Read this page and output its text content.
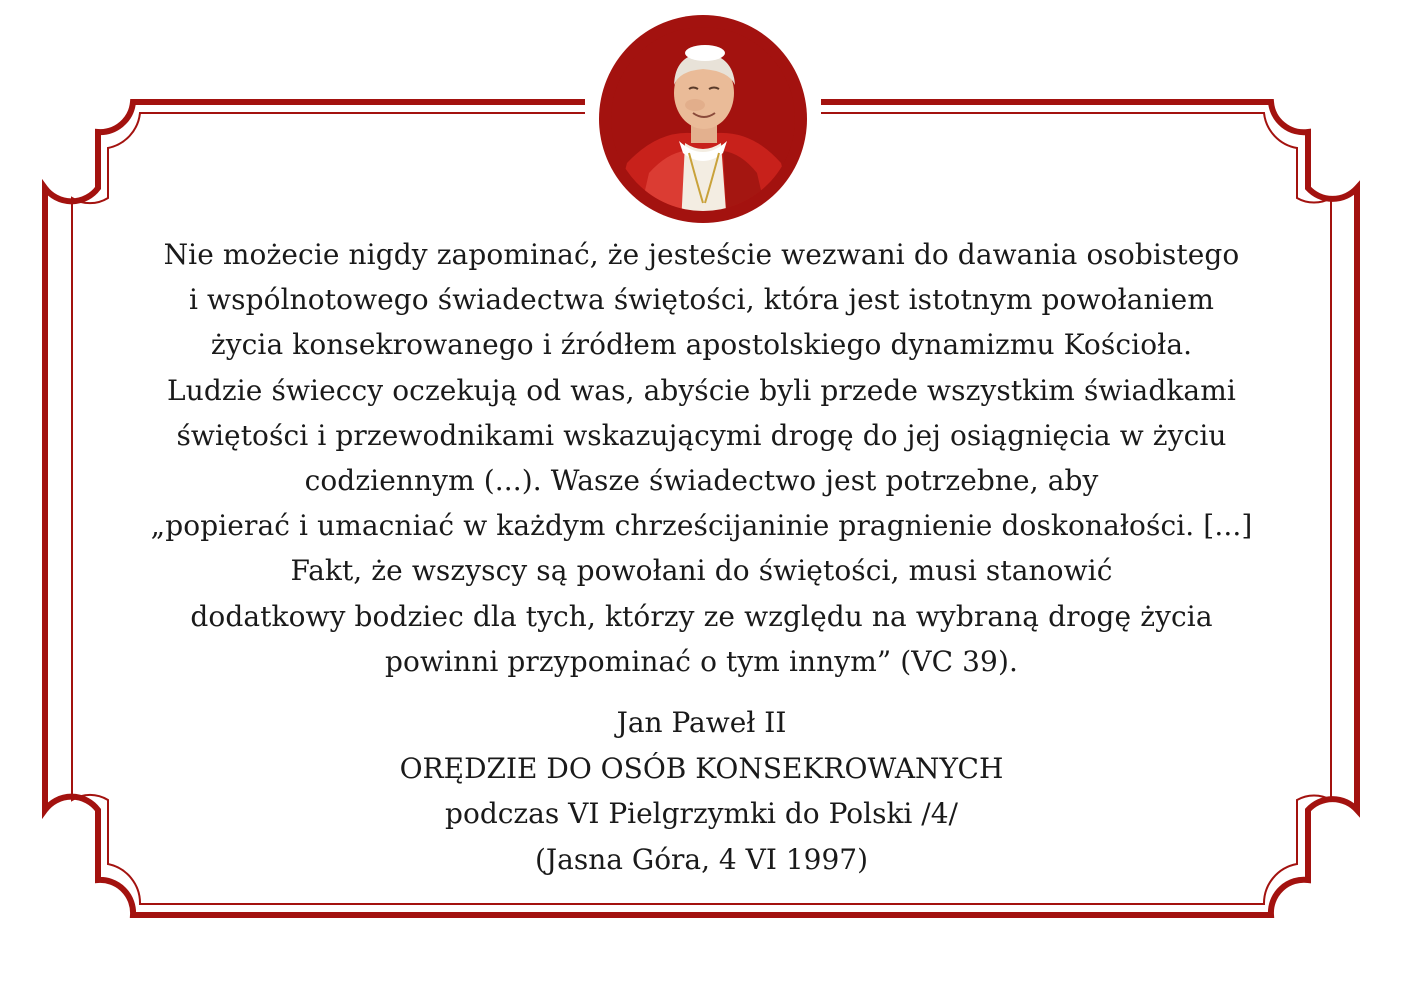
Nie możecie nigdy zapominać, że jesteście wezwani do dawania osobistego
i wspólnotowego świadectwa świętości, która jest istotnym powołaniem
życia konsekrowanego i źródłem apostolskiego dynamizmu Kościoła.
Ludzie świeccy oczekują od was, abyście byli przede wszystkim świadkami
świętości i przewodnikami wskazującymi drogę do jej osiągnięcia w życiu
codziennym (...). Wasze świadectwo jest potrzebne, aby
„popierać i umacniać w każdym chrześcijaninie pragnienie doskonałości. [...]
Fakt, że wszyscy są powołani do świętości, musi stanowić
dodatkowy bodziec dla tych, którzy ze względu na wybraną drogę życia
powinni przypominać o tym innym” (VC 39).
Jan Paweł II
ORĘDZIE DO OSÓB KONSEKROWANYCH
podczas VI Pielgrzymki do Polski /4/
(Jasna Góra, 4 VI 1997)
